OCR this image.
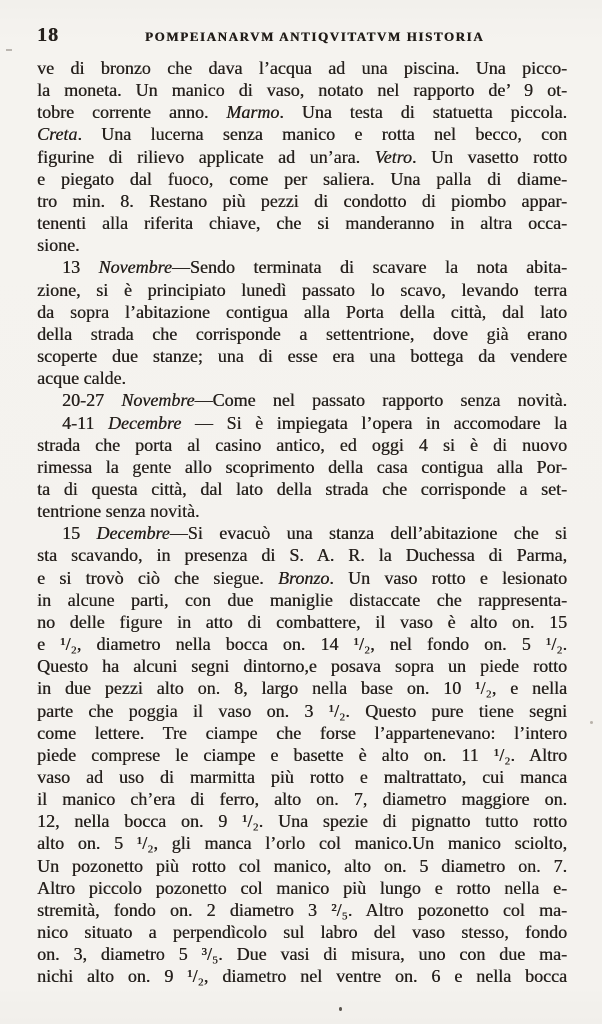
18	POMPEIANARVM ANTIQVITATVM HISTORIA
ve di bronzo che dava l’acqua ad una piscina. Una picco-
la moneta. Un manico di vaso, notato nel rapporto de’ 9 ot-
tobre corrente anno. Marmo. Una testa di statuetta piccola.
Creta. Una lucerna senza manico e rotta nel becco, con
figurine di rilievo applicate ad un’ara. Vetro. Un vasetto rotto
e piegato dal fuoco, come per saliera. Una palla di diame-
tro min. 8. Restano più pezzi di condotto di piombo appar-
tenenti alla riferita chiave, che si manderanno in altra occa-
sione.
13 Novembre—Sendo terminata di scavare la nota abita-
zione, si è principiato lunedì passato lo scavo, levando terra
da sopra l’abitazione contigua alla Porta della città, dal lato
della strada che corrisponde a settentrione, dove già erano
scoperte due stanze; una di esse era una bottega da vendere
acque calde.
20-27 Novembre—Come nel passato rapporto senza novità.
4-11 Decembre — Si è impiegata l’opera in accomodare la
strada che porta al casino antico, ed oggi 4 si è di nuovo
rimessa la gente allo scoprimento della casa contigua alla Por-
ta di questa città, dal lato della strada che corrisponde a set-
tentrione senza novità.
15 Decembre—Si evacuò una stanza dell’abitazione che si
sta scavando, in presenza di S. A. R. la Duchessa di Parma,
e si trovò ciò che siegue. Bronzo. Un vaso rotto e lesionato
in alcune parti, con due maniglie distaccate che rappresenta-
no delle figure in atto di combattere, il vaso è alto on. 15
e ¹/₂, diametro nella bocca on. 14 ¹/₂, nel fondo on. 5 ¹/₂.
Questo ha alcuni segni dintorno,e posava sopra un piede rotto
in due pezzi alto on. 8, largo nella base on. 10 ¹/₂, e nella
parte che poggia il vaso on. 3 ¹/₂. Questo pure tiene segni
come lettere. Tre ciampe che forse l’appartenevano: l’intero
piede comprese le ciampe e basette è alto on. 11 ¹/₂. Altro
vaso ad uso di marmitta più rotto e maltrattato, cui manca
il manico ch’era di ferro, alto on. 7, diametro maggiore on.
12, nella bocca on. 9 ¹/₂. Una spezie di pignatto tutto rotto
alto on. 5 ¹/₂, gli manca l’orlo col manico.Un manico sciolto,
Un pozonetto più rotto col manico, alto on. 5 diametro on. 7.
Altro piccolo pozonetto col manico più lungo e rotto nella e-
stremità, fondo on. 2 diametro 3 ²/₅. Altro pozonetto col ma-
nico situato a perpendìcolo sul labro del vaso stesso, fondo
on. 3, diametro 5 ³/₅. Due vasi di misura, uno con due ma-
nichi alto on. 9 ¹/₂, diametro nel ventre on. 6 e nella bocca
